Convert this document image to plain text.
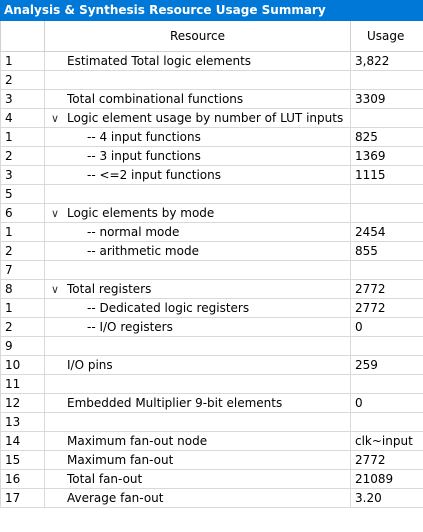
Analysis & Synthesis Resource Usage Summary
	Resource	Usage
1	Estimated Total logic elements	3,822
2		
3	Total combinational functions	3309
4	∨ Logic element usage by number of LUT inputs	
1	-- 4 input functions	825
2	-- 3 input functions	1369
3	-- <=2 input functions	1115
5		
6	∨ Logic elements by mode	
1	-- normal mode	2454
2	-- arithmetic mode	855
7		
8	∨ Total registers	2772
1	-- Dedicated logic registers	2772
2	-- I/O registers	0
9		
10	I/O pins	259
11		
12	Embedded Multiplier 9-bit elements	0
13		
14	Maximum fan-out node	clk~input
15	Maximum fan-out	2772
16	Total fan-out	21089
17	Average fan-out	3.20
